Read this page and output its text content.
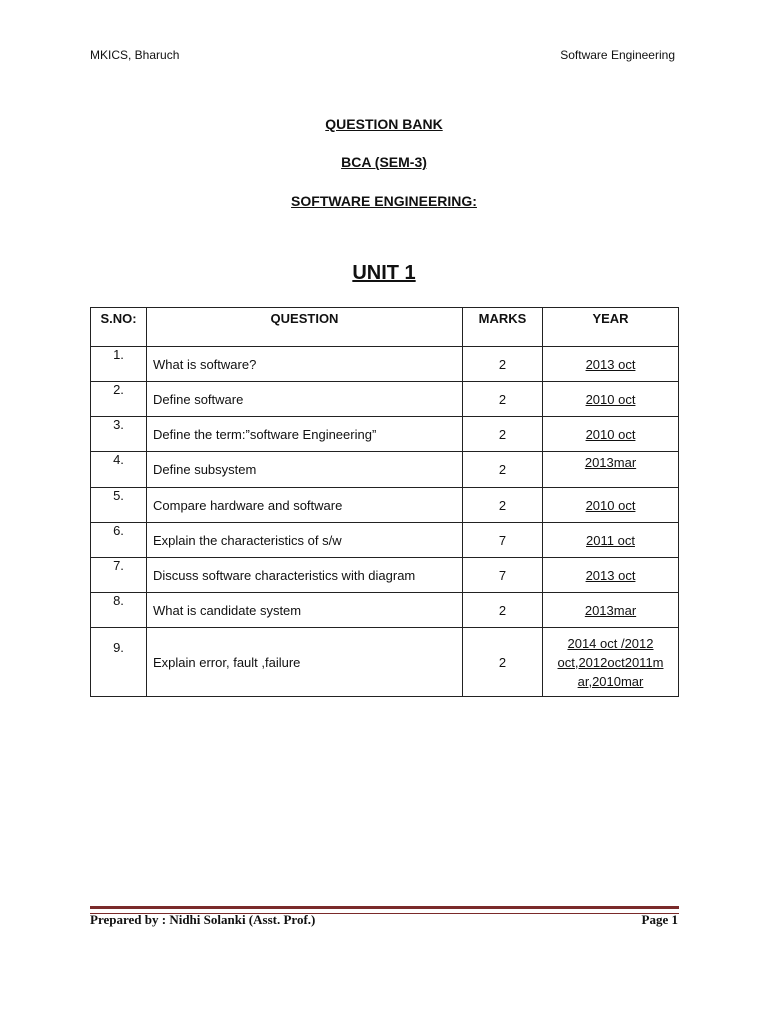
MKICS, Bharuch	Software Engineering
QUESTION BANK
BCA (SEM-3)
SOFTWARE ENGINEERING:
UNIT 1
S.NO:	QUESTION	MARKS	YEAR
1.	What is software?	2	2013 oct
2.	Define software	2	2010 oct
3.	Define the term:”software Engineering”	2	2010 oct
4.	Define subsystem	2	2013mar
5.	Compare hardware and software	2	2010 oct
6.	Explain the characteristics of s/w	7	2011 oct
7.	Discuss software characteristics with diagram	7	2013 oct
8.	What is candidate system	2	2013mar
9.	Explain error, fault ,failure	2	2014 oct /2012 oct,2012oct2011m ar,2010mar
Prepared by : Nidhi Solanki (Asst. Prof.)	Page 1
